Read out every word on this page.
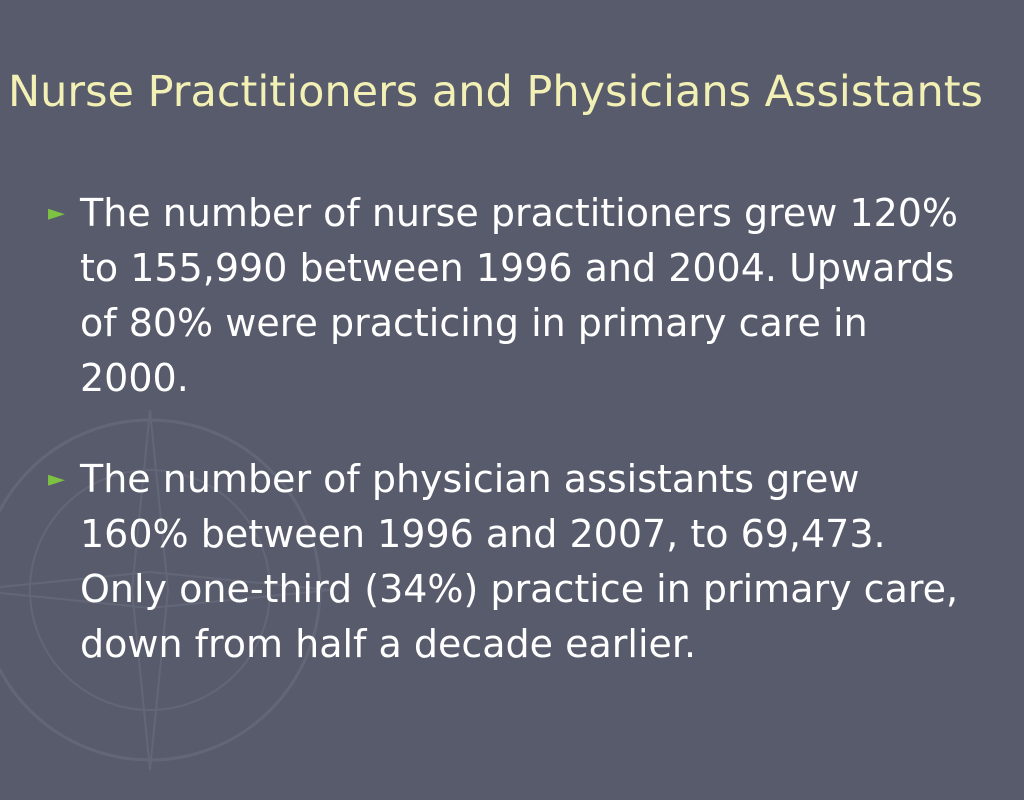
Nurse Practitioners and Physicians Assistants
► The number of nurse practitioners grew 120% to 155,990 between 1996 and 2004. Upwards of 80% were practicing in primary care in 2000.
► The number of physician assistants grew 160% between 1996 and 2007, to 69,473. Only one-third (34%) practice in primary care, down from half a decade earlier.
